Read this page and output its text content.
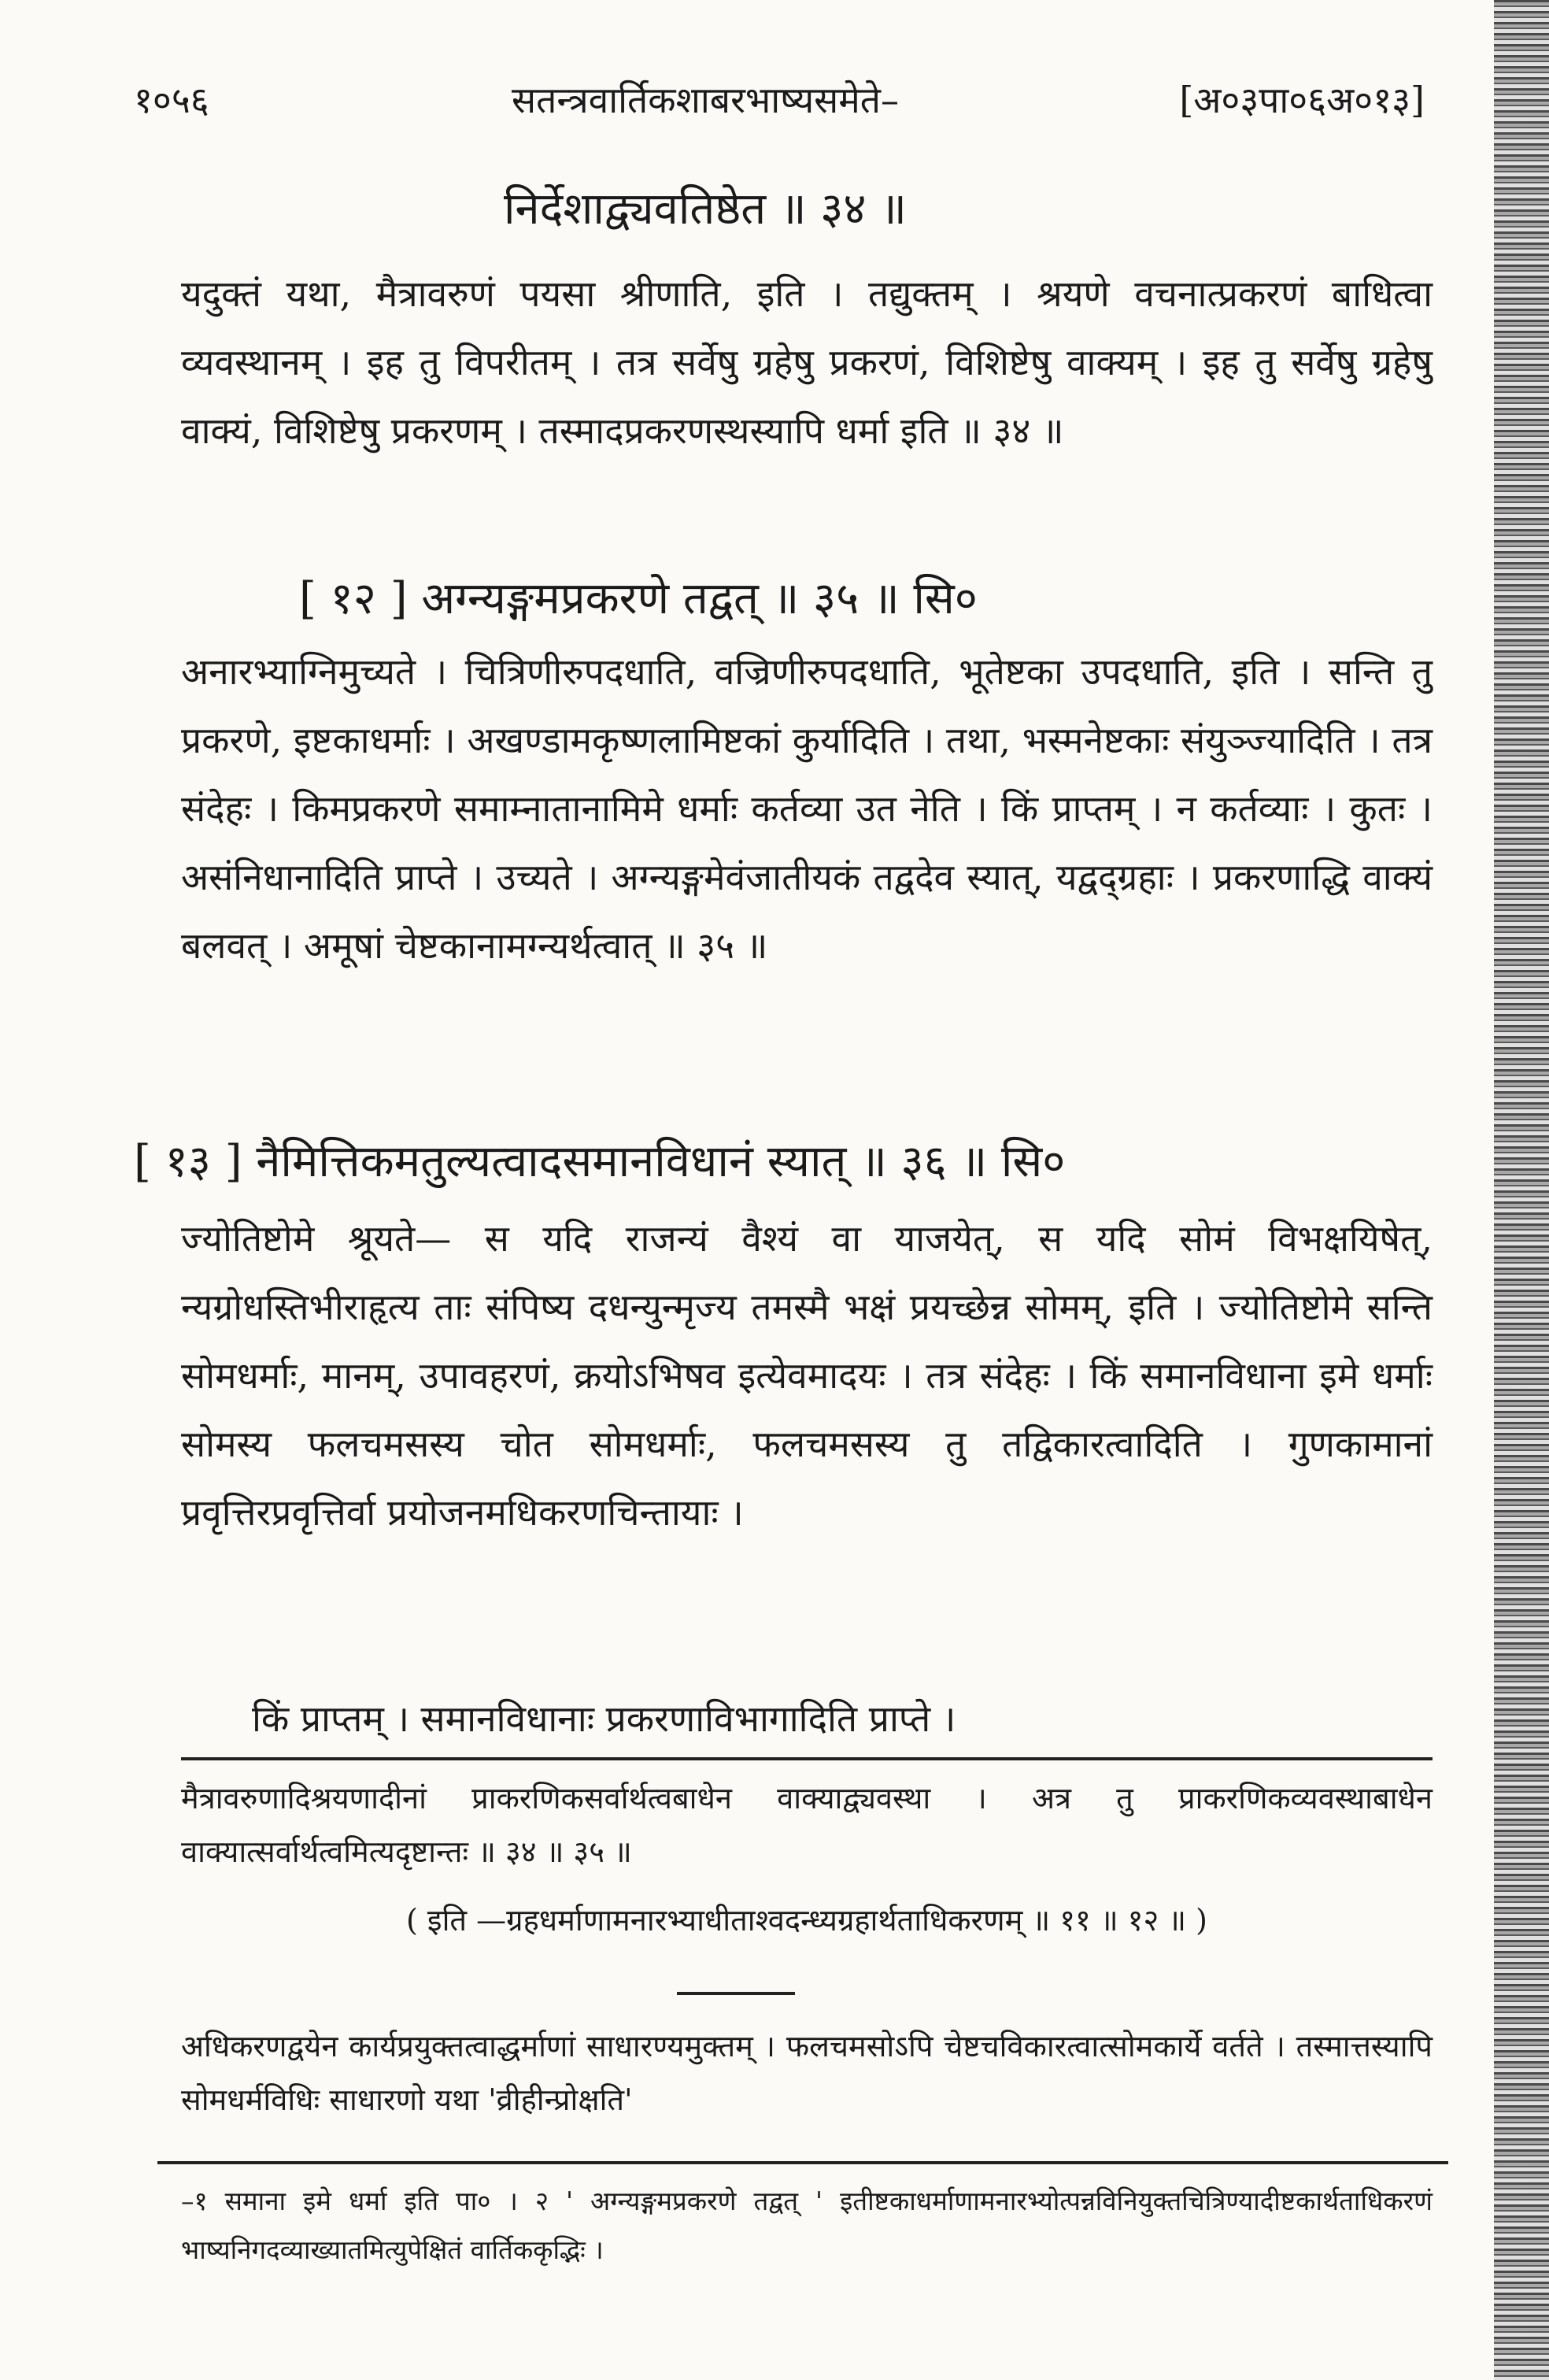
१०५६	सतन्त्रवार्तिकशाबरभाष्यसमेते–	[अ०३पा०६अ०१३]
निर्देशाद्व्यवतिष्ठेत ॥ ३४ ॥
यदुक्तं यथा, मैत्रावरुणं पयसा श्रीणाति, इति । तद्युक्तम् । श्रयणे वचनात्प्रकरणं बाधित्वा व्यवस्थानम् । इह तु विपरीतम् । तत्र सर्वेषु ग्रहेषु प्रकरणं, विशिष्टेषु वाक्यम् । इह तु सर्वेषु ग्रहेषु वाक्यं, विशिष्टेषु प्रकरणम् । तस्मादप्रकरणस्थस्यापि धर्मा इति ॥ ३४ ॥
[ १२ ] अग्न्यङ्गमप्रकरणे तद्वत् ॥ ३५ ॥ सि०
अनारभ्याग्निमुच्यते । चित्रिणीरुपदधाति, वज्रिणीरुपदधाति, भूतेष्टका उपदधाति, इति । सन्ति तु प्रकरणे, इष्टकाधर्माः । अखण्डामकृष्णलामिष्टकां कुर्यादिति । तथा, भस्मनेष्टकाः संयुञ्ज्यादिति । तत्र संदेहः । किमप्रकरणे समाम्नातानामिमे धर्माः कर्तव्या उत नेति । किं प्राप्तम् । न कर्तव्याः । कुतः । असंनिधानादिति प्राप्ते । उच्यते । अग्न्यङ्गमेवंजातीयकं तद्वदेव स्यात्, यद्वद्ग्रहाः । प्रकरणाद्धि वाक्यं बलवत् । अमूषां चेष्टकानामग्न्यर्थत्वात् ॥ ३५ ॥
[ १३ ] नैमित्तिकमतुल्यत्वादसमानविधानं स्यात् ॥ ३६ ॥ सि०
ज्योतिष्टोमे श्रूयते— स यदि राजन्यं वैश्यं वा याजयेत्, स यदि सोमं विभक्षयिषेत्, न्यग्रोधस्तिभीराहृत्य ताः संपिष्य दधन्युन्मृज्य तमस्मै भक्षं प्रयच्छेन्न सोमम्, इति । ज्योतिष्टोमे सन्ति सोमधर्माः, मानम्, उपावहरणं, क्रयोऽभिषव इत्येवमादयः । तत्र संदेहः । किं समानविधाना इमे धर्माः सोमस्य फलचमसस्य चोत सोमधर्माः, फलचमसस्य तु तद्विकारत्वादिति । गुणकामानां प्रवृत्तिरप्रवृत्तिर्वा प्रयोजनमधिकरणचिन्तायाः ।
किं प्राप्तम् । समानविधानाः प्रकरणाविभागादिति प्राप्ते ।
मैत्रावरुणादिश्रयणादीनां प्राकरणिकसर्वार्थत्वबाधेन वाक्याद्व्यवस्था । अत्र तु प्राकरणिकव्यवस्थाबाधेन वाक्यात्सर्वार्थत्वमित्यदृष्टान्तः ॥ ३४ ॥ ३५ ॥
( इति —ग्रहधर्माणामनारभ्याधीताश्वदन्ध्यग्रहार्थताधिकरणम् ॥ ११ ॥ १२ ॥ )
अधिकरणद्वयेन कार्यप्रयुक्तत्वाद्धर्माणां साधारण्यमुक्तम् । फलचमसोऽपि चेष्टचविकारत्वात्सोमकार्ये वर्तते । तस्मात्तस्यापि सोमधर्मविधिः साधारणो यथा 'व्रीहीन्प्रोक्षति'
–१ समाना इमे धर्मा इति पा० । २ ' अग्न्यङ्गमप्रकरणे तद्वत् ' इतीष्टकाधर्माणामनारभ्योत्पन्नविनियुक्तचित्रिण्यादीष्टकार्थताधिकरणं भाष्यनिगदव्याख्यातमित्युपेक्षितं वार्तिककृद्भिः ।
